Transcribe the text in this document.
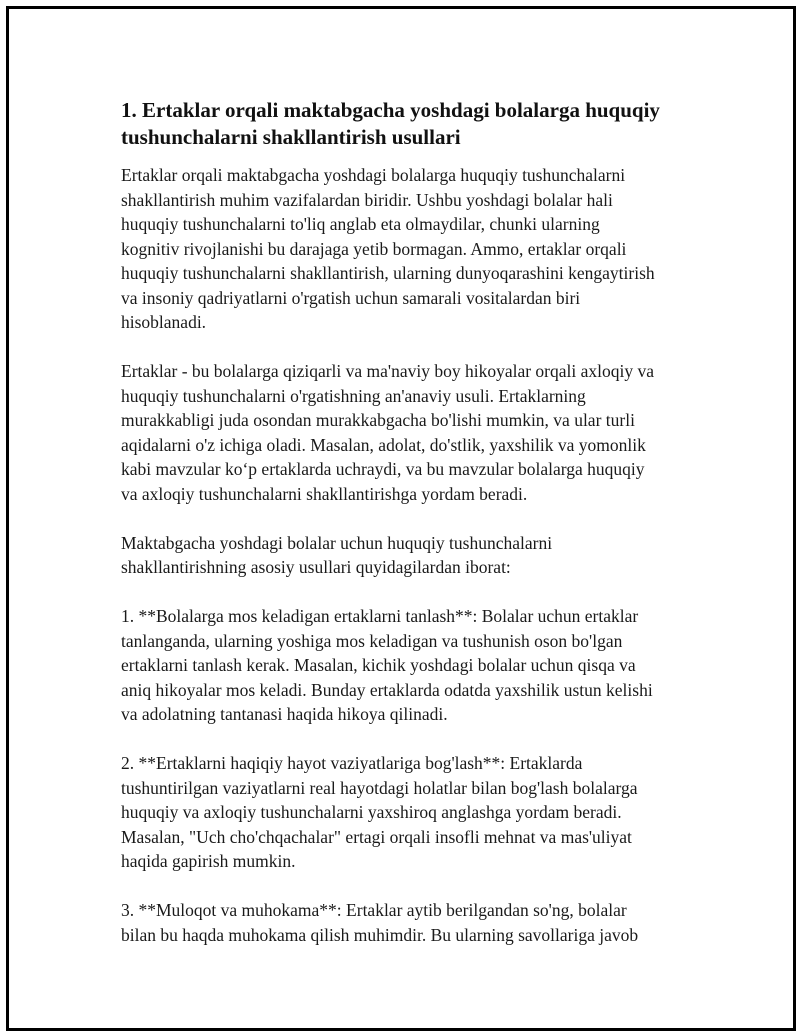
1. Ertaklar orqali maktabgacha yoshdagi bolalarga huquqiy tushunchalarni shakllantirish usullari

Ertaklar orqali maktabgacha yoshdagi bolalarga huquqiy tushunchalarni
shakllantirish muhim vazifalardan biridir. Ushbu yoshdagi bolalar hali
huquqiy tushunchalarni to'liq anglab eta olmaydilar, chunki ularning
kognitiv rivojlanishi bu darajaga yetib bormagan. Ammo, ertaklar orqali
huquqiy tushunchalarni shakllantirish, ularning dunyoqarashini kengaytirish
va insoniy qadriyatlarni o'rgatish uchun samarali vositalardan biri
hisoblanadi.

Ertaklar - bu bolalarga qiziqarli va ma'naviy boy hikoyalar orqali axloqiy va
huquqiy tushunchalarni o'rgatishning an'anaviy usuli. Ertaklarning
murakkabligi juda osondan murakkabgacha bo'lishi mumkin, va ular turli
aqidalarni o'z ichiga oladi. Masalan, adolat, do'stlik, yaxshilik va yomonlik
kabi mavzular koʻp ertaklarda uchraydi, va bu mavzular bolalarga huquqiy
va axloqiy tushunchalarni shakllantirishga yordam beradi.

Maktabgacha yoshdagi bolalar uchun huquqiy tushunchalarni
shakllantirishning asosiy usullari quyidagilardan iborat:

1. **Bolalarga mos keladigan ertaklarni tanlash**: Bolalar uchun ertaklar
tanlanganda, ularning yoshiga mos keladigan va tushunish oson bo'lgan
ertaklarni tanlash kerak. Masalan, kichik yoshdagi bolalar uchun qisqa va
aniq hikoyalar mos keladi. Bunday ertaklarda odatda yaxshilik ustun kelishi
va adolatning tantanasi haqida hikoya qilinadi.

2. **Ertaklarni haqiqiy hayot vaziyatlariga bog'lash**: Ertaklarda
tushuntirilgan vaziyatlarni real hayotdagi holatlar bilan bog'lash bolalarga
huquqiy va axloqiy tushunchalarni yaxshiroq anglashga yordam beradi.
Masalan, "Uch cho'chqachalar" ertagi orqali insofli mehnat va mas'uliyat
haqida gapirish mumkin.

3. **Muloqot va muhokama**: Ertaklar aytib berilgandan so'ng, bolalar
bilan bu haqda muhokama qilish muhimdir. Bu ularning savollariga javob
